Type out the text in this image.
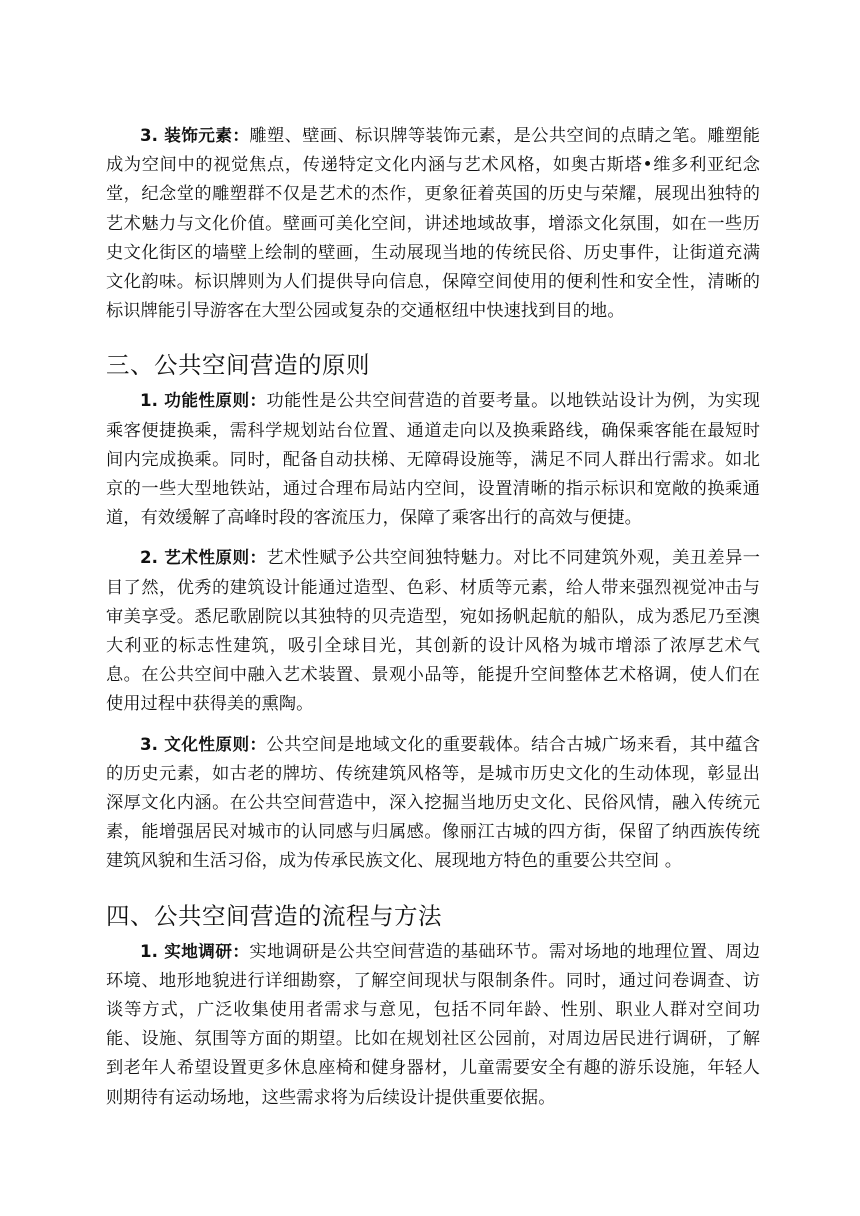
3. 装饰元素：雕塑、壁画、标识牌等装饰元素，是公共空间的点睛之笔。雕塑能成为空间中的视觉焦点，传递特定文化内涵与艺术风格，如奥古斯塔•维多利亚纪念堂，纪念堂的雕塑群不仅是艺术的杰作，更象征着英国的历史与荣耀，展现出独特的艺术魅力与文化价值。壁画可美化空间，讲述地域故事，增添文化氛围，如在一些历史文化街区的墙壁上绘制的壁画，生动展现当地的传统民俗、历史事件，让街道充满文化韵味。标识牌则为人们提供导向信息，保障空间使用的便利性和安全性，清晰的标识牌能引导游客在大型公园或复杂的交通枢纽中快速找到目的地。

三、公共空间营造的原则

1. 功能性原则：功能性是公共空间营造的首要考量。以地铁站设计为例，为实现乘客便捷换乘，需科学规划站台位置、通道走向以及换乘路线，确保乘客能在最短时间内完成换乘。同时，配备自动扶梯、无障碍设施等，满足不同人群出行需求。如北京的一些大型地铁站，通过合理布局站内空间，设置清晰的指示标识和宽敞的换乘通道，有效缓解了高峰时段的客流压力，保障了乘客出行的高效与便捷。

2. 艺术性原则：艺术性赋予公共空间独特魅力。对比不同建筑外观，美丑差异一目了然，优秀的建筑设计能通过造型、色彩、材质等元素，给人带来强烈视觉冲击与审美享受。悉尼歌剧院以其独特的贝壳造型，宛如扬帆起航的船队，成为悉尼乃至澳大利亚的标志性建筑，吸引全球目光，其创新的设计风格为城市增添了浓厚艺术气息。在公共空间中融入艺术装置、景观小品等，能提升空间整体艺术格调，使人们在使用过程中获得美的熏陶。

3. 文化性原则：公共空间是地域文化的重要载体。结合古城广场来看，其中蕴含的历史元素，如古老的牌坊、传统建筑风格等，是城市历史文化的生动体现，彰显出深厚文化内涵。在公共空间营造中，深入挖掘当地历史文化、民俗风情，融入传统元素，能增强居民对城市的认同感与归属感。像丽江古城的四方街，保留了纳西族传统建筑风貌和生活习俗，成为传承民族文化、展现地方特色的重要公共空间 。

四、公共空间营造的流程与方法

1. 实地调研：实地调研是公共空间营造的基础环节。需对场地的地理位置、周边环境、地形地貌进行详细勘察，了解空间现状与限制条件。同时，通过问卷调查、访谈等方式，广泛收集使用者需求与意见，包括不同年龄、性别、职业人群对空间功能、设施、氛围等方面的期望。比如在规划社区公园前，对周边居民进行调研，了解到老年人希望设置更多休息座椅和健身器材，儿童需要安全有趣的游乐设施，年轻人则期待有运动场地，这些需求将为后续设计提供重要依据。
